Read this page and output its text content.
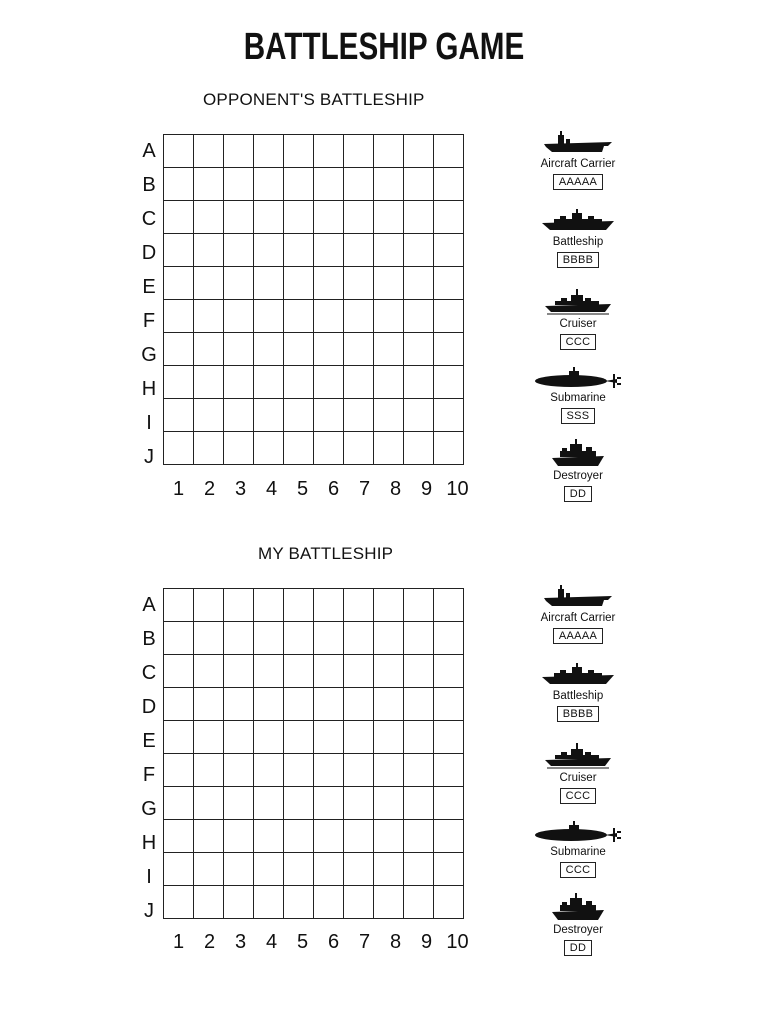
BATTLESHIP GAME
OPPONENT'S BATTLESHIP
A
B
C
D
E
F
G
H
I
J

1 2 3 4 5 6 7 8 9 10
Aircraft Carrier
AAAAA
Battleship
BBBB
Cruiser
CCC
Submarine
SSS
Destroyer
DD
MY BATTLESHIP
A
B
C
D
E
F
G
H
I
J

1 2 3 4 5 6 7 8 9 10
Aircraft Carrier
AAAAA
Battleship
BBBB
Cruiser
CCC
Submarine
CCC
Destroyer
DD
